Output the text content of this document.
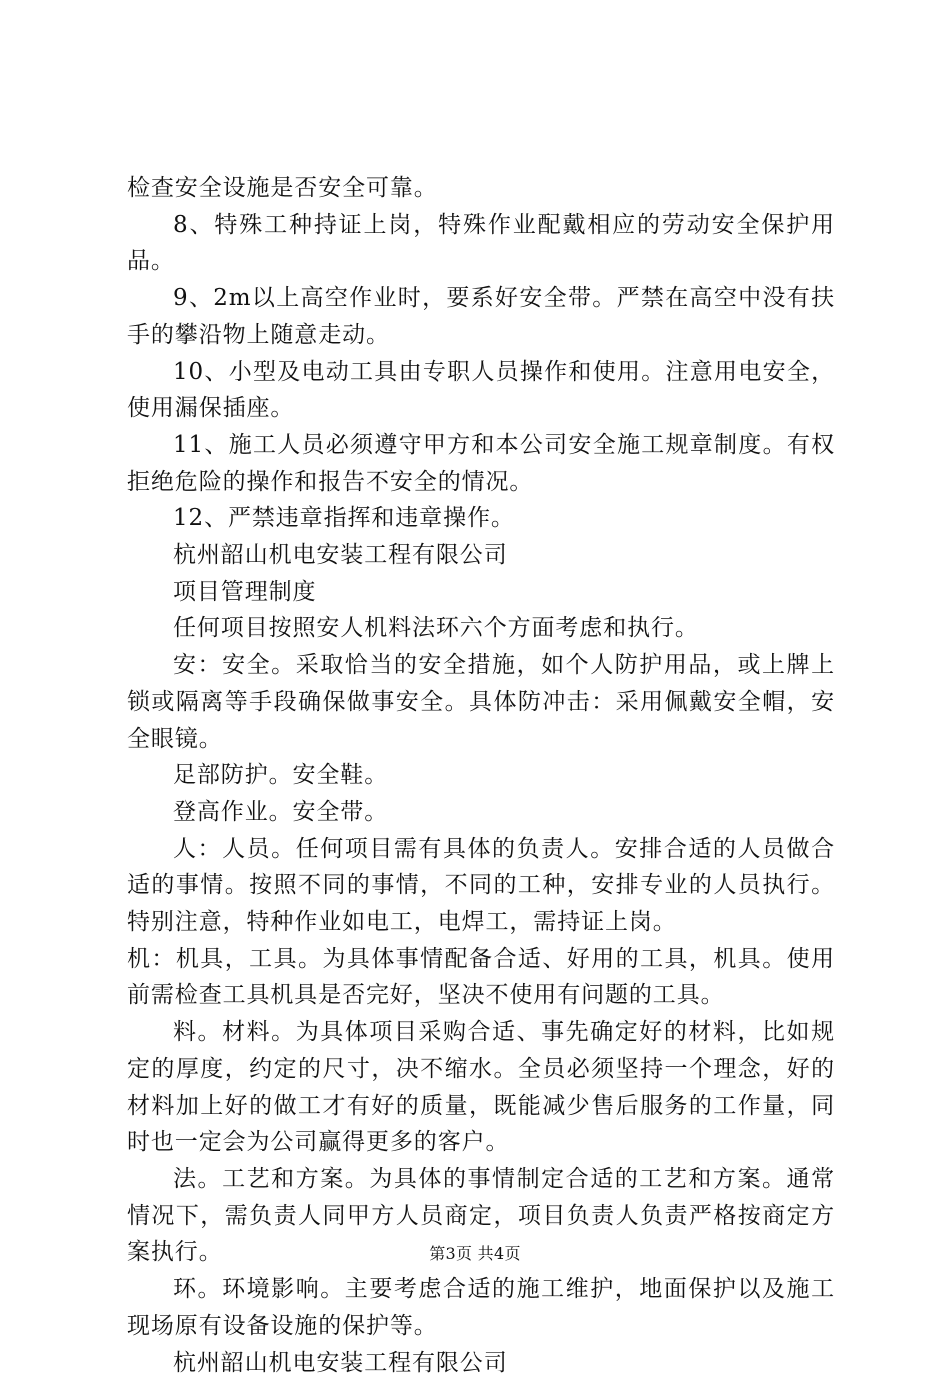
检查安全设施是否安全可靠。

8、特殊工种持证上岗，特殊作业配戴相应的劳动安全保护用品。

9、2m以上高空作业时，要系好安全带。严禁在高空中没有扶手的攀沿物上随意走动。

10、小型及电动工具由专职人员操作和使用。注意用电安全，使用漏保插座。

11、施工人员必须遵守甲方和本公司安全施工规章制度。有权拒绝危险的操作和报告不安全的情况。

12、严禁违章指挥和违章操作。

杭州韶山机电安装工程有限公司

项目管理制度

任何项目按照安人机料法环六个方面考虑和执行。

安：安全。采取恰当的安全措施，如个人防护用品，或上牌上锁或隔离等手段确保做事安全。具体防冲击：采用佩戴安全帽，安全眼镜。

足部防护。安全鞋。

登高作业。安全带。

人：人员。任何项目需有具体的负责人。安排合适的人员做合适的事情。按照不同的事情，不同的工种，安排专业的人员执行。特别注意，特种作业如电工，电焊工，需持证上岗。

机：机具，工具。为具体事情配备合适、好用的工具，机具。使用前需检查工具机具是否完好，坚决不使用有问题的工具。

料。材料。为具体项目采购合适、事先确定好的材料，比如规定的厚度，约定的尺寸，决不缩水。全员必须坚持一个理念，好的材料加上好的做工才有好的质量，既能减少售后服务的工作量，同时也一定会为公司赢得更多的客户。

法。工艺和方案。为具体的事情制定合适的工艺和方案。通常情况下，需负责人同甲方人员商定，项目负责人负责严格按商定方案执行。

环。环境影响。主要考虑合适的施工维护，地面保护以及施工现场原有设备设施的保护等。

杭州韶山机电安装工程有限公司

第3页 共4页
